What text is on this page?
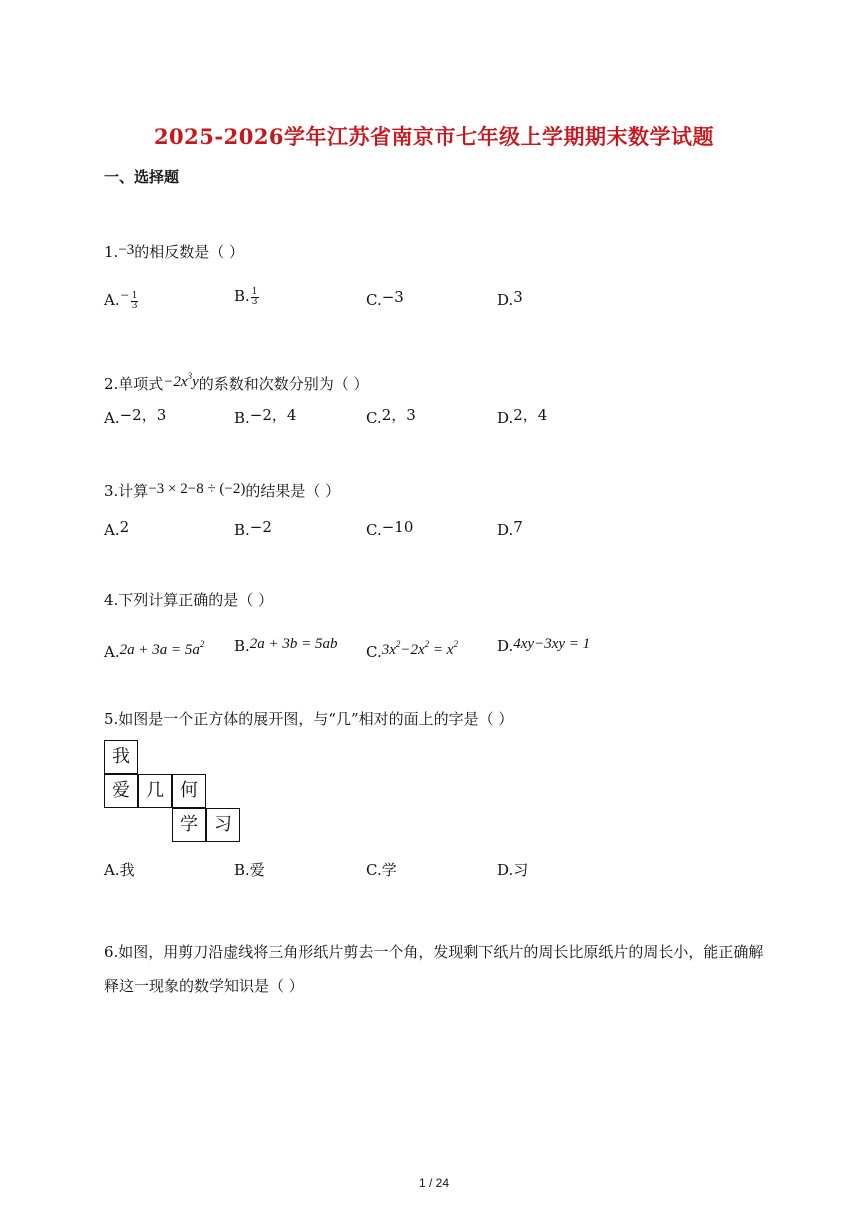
2025-2026学年江苏省南京市七年级上学期期末数学试题
一、选择题
1.−3的相反数是（ ）
$A.- \frac{1}{3}$	B. $\frac{1}{3}$	C.−3	D.3
2.单项式$-2x^3y$的系数和次数分别为（ ）
A.−2，3	B.−2，4	C.2，3	D.2，4
3.计算−3 × 2−8 ÷ (−2)的结果是（ ）
A.2	B.−2	C.−10	D.7
4.下列计算正确的是（ ）
$A.2a + 3a = 5a^2$ B.2a + 3b = 5ab $C.3x^2-2x^2 = x^2$	D.4xy−3xy = 1
5.如图是一个正方体的展开图，与“几”相对的面上的字是（ ）
我
爱 几 何
学 习
A.我	B.爱	C.学	D.习
6.如图，用剪刀沿虚线将三角形纸片剪去一个角，发现剩下纸片的周长比原纸片的周长小，能正确解释这一现象的数学知识是（ ）
1 / 24
